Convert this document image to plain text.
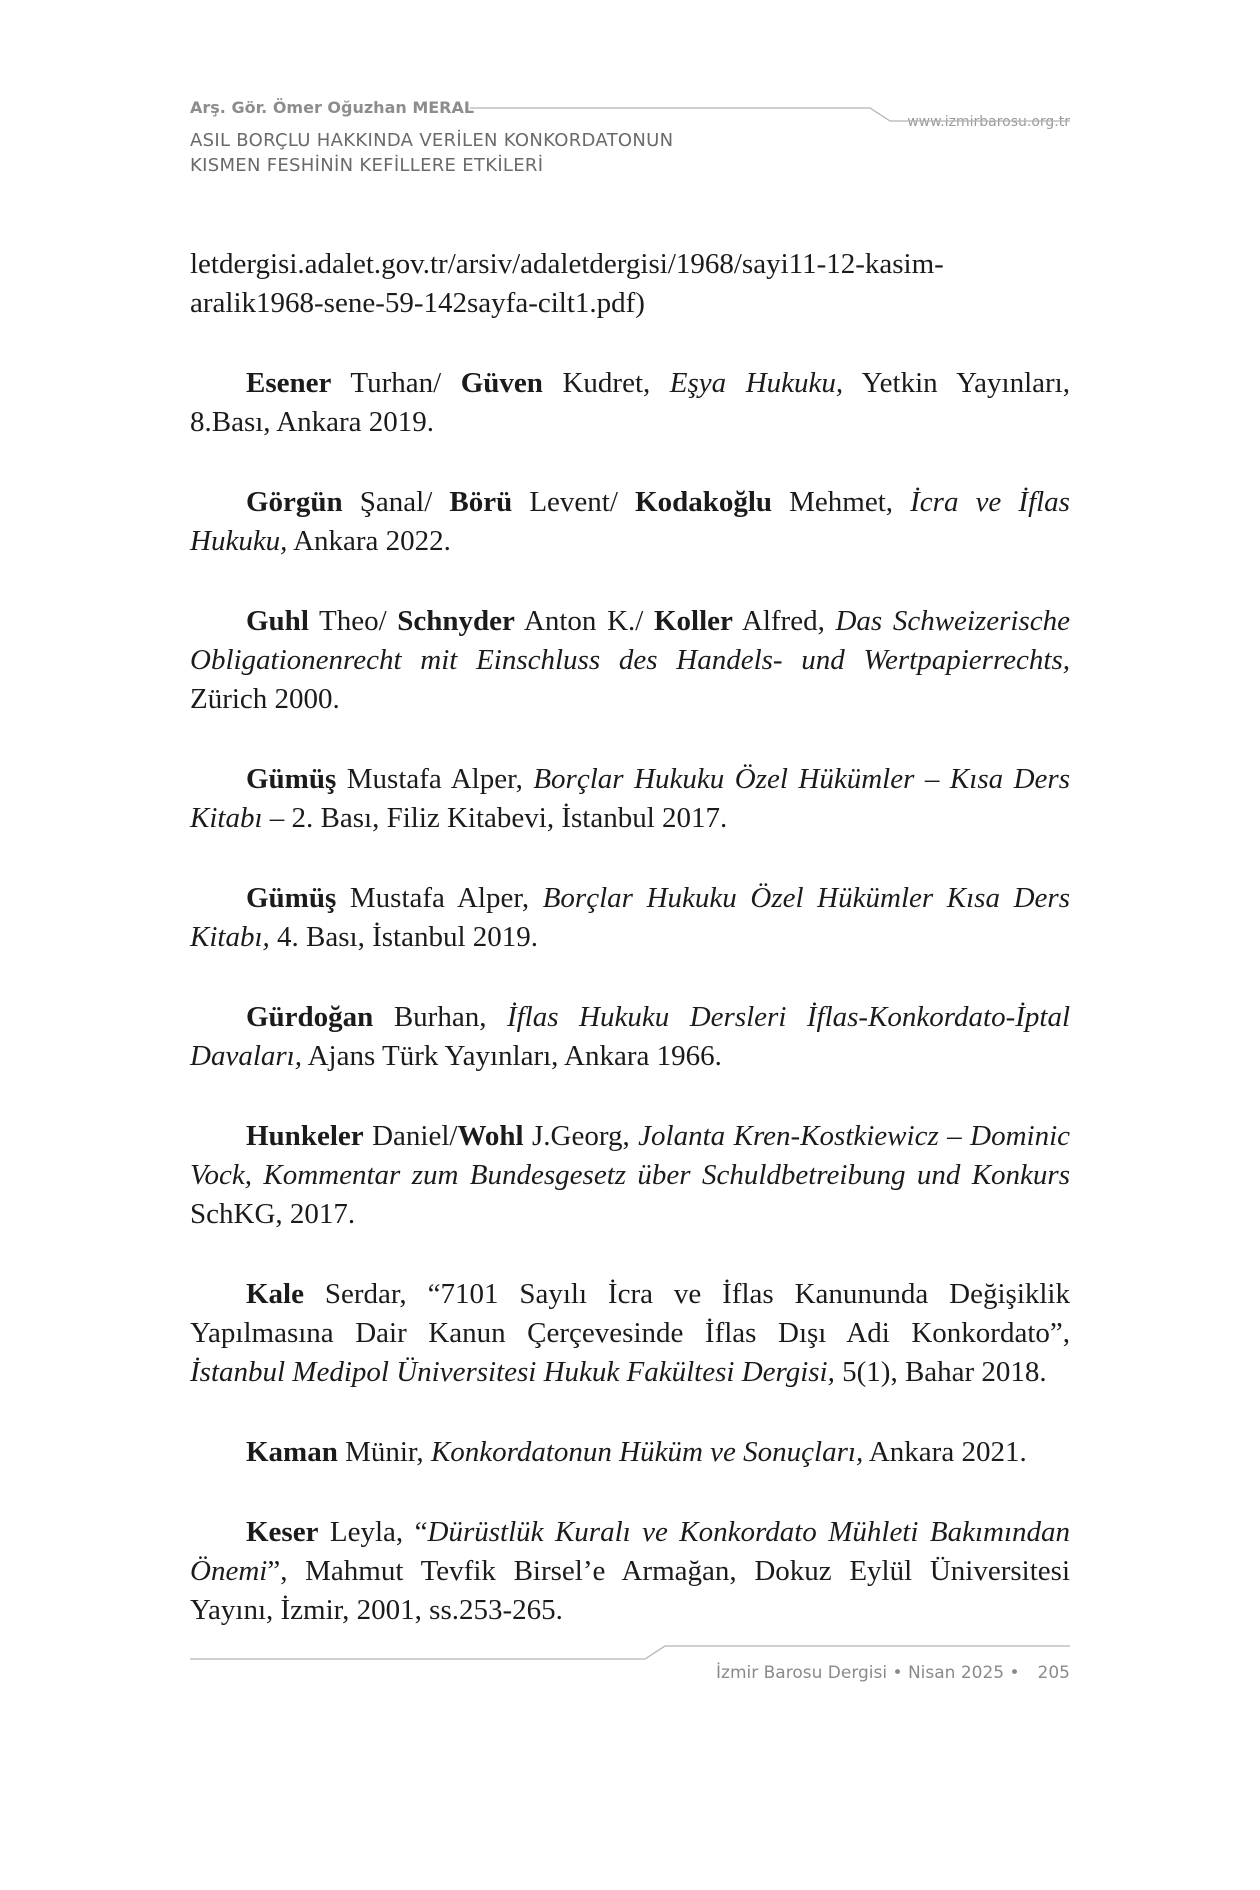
Arş. Gör. Ömer Oğuzhan MERAL
ASIL BORÇLU HAKKINDA VERİLEN KONKORDATONUN
KISMEN FESHİNİN KEFİLLERE ETKİLERİ
www.izmirbarosu.org.tr

letdergisi.adalet.gov.tr/arsiv/adaletdergisi/1968/sayi11-12-kasim-aralik1968-sene-59-142sayfa-cilt1.pdf)

Esener Turhan/ Güven Kudret, Eşya Hukuku, Yetkin Yayınları, 8.Bası, Ankara 2019.

Görgün Şanal/ Börü Levent/ Kodakoğlu Mehmet, İcra ve İflas Hukuku, Ankara 2022.

Guhl Theo/ Schnyder Anton K./ Koller Alfred, Das Schweizerische Obligationenrecht mit Einschluss des Handels- und Wertpapierrechts, Zürich 2000.

Gümüş Mustafa Alper, Borçlar Hukuku Özel Hükümler – Kısa Ders Kitabı – 2. Bası, Filiz Kitabevi, İstanbul 2017.

Gümüş Mustafa Alper, Borçlar Hukuku Özel Hükümler Kısa Ders Kitabı, 4. Bası, İstanbul 2019.

Gürdoğan Burhan, İflas Hukuku Dersleri İflas-Konkordato-İptal Davaları, Ajans Türk Yayınları, Ankara 1966.

Hunkeler Daniel/Wohl J.Georg, Jolanta Kren-Kostkiewicz – Dominic Vock, Kommentar zum Bundesgesetz über Schuldbetreibung und Konkurs SchKG, 2017.

Kale Serdar, “7101 Sayılı İcra ve İflas Kanununda Değişiklik Yapılmasına Dair Kanun Çerçevesinde İflas Dışı Adi Konkordato”, İstanbul Medipol Üniversitesi Hukuk Fakültesi Dergisi, 5(1), Bahar 2018.

Kaman Münir, Konkordatonun Hüküm ve Sonuçları, Ankara 2021.

Keser Leyla, “Dürüstlük Kuralı ve Konkordato Mühleti Bakımından Önemi”, Mahmut Tevfik Birsel’e Armağan, Dokuz Eylül Üniversitesi Yayını, İzmir, 2001, ss.253-265.

İzmir Barosu Dergisi • Nisan 2025 • 205
